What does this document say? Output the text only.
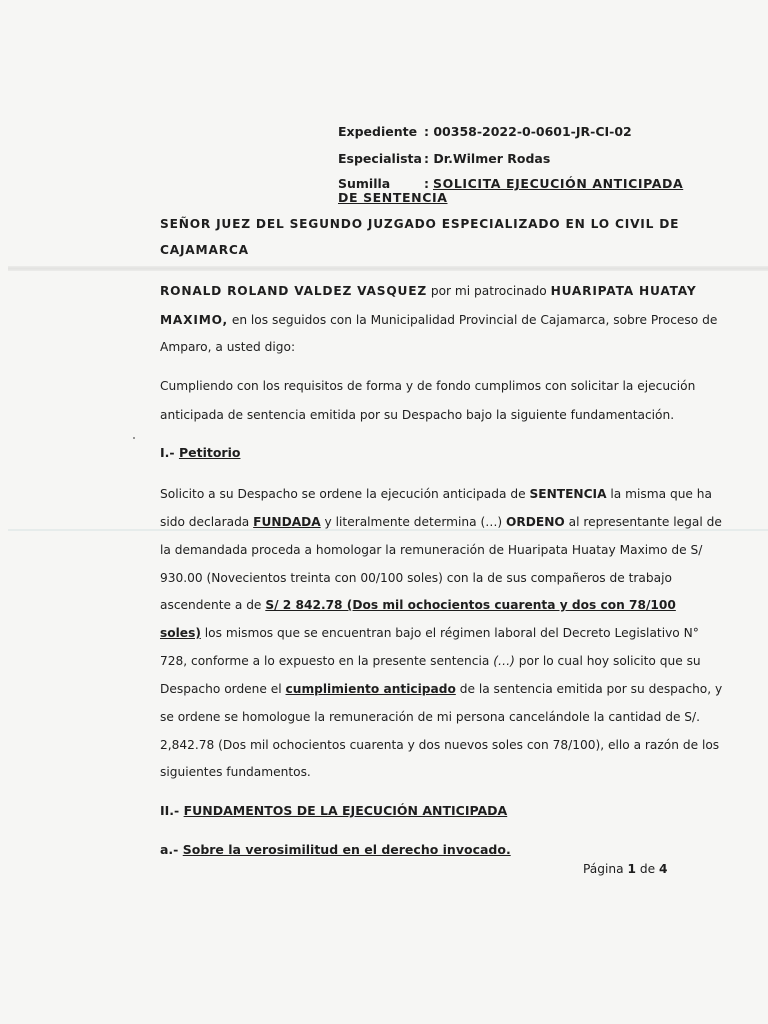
Expediente : 00358-2022-0-0601-JR-CI-02
Especialista : Dr.Wilmer Rodas
Sumilla	: SOLICITA EJECUCIÓN ANTICIPADA
DE SENTENCIA
SEÑOR JUEZ DEL SEGUNDO JUZGADO ESPECIALIZADO EN LO CIVIL DE
CAJAMARCA
RONALD ROLAND VALDEZ VASQUEZ por mi patrocinado HUARIPATA HUATAY
MAXIMO, en los seguidos con la Municipalidad Provincial de Cajamarca, sobre Proceso de
Amparo, a usted digo:
Cumpliendo con los requisitos de forma y de fondo cumplimos con solicitar la ejecución
anticipada de sentencia emitida por su Despacho bajo la siguiente fundamentación.
I.- Petitorio
Solicito a su Despacho se ordene la ejecución anticipada de SENTENCIA la misma que ha
sido declarada FUNDADA y literalmente determina (…) ORDENO al representante legal de
la demandada proceda a homologar la remuneración de Huaripata Huatay Maximo de S/
930.00 (Novecientos treinta con 00/100 soles) con la de sus compañeros de trabajo
ascendente a de S/ 2 842.78 (Dos mil ochocientos cuarenta y dos con 78/100
soles) los mismos que se encuentran bajo el régimen laboral del Decreto Legislativo N°
728, conforme a lo expuesto en la presente sentencia (…) por lo cual hoy solicito que su
Despacho ordene el cumplimiento anticipado de la sentencia emitida por su despacho, y
se ordene se homologue la remuneración de mi persona cancelándole la cantidad de S/.
2,842.78 (Dos mil ochocientos cuarenta y dos nuevos soles con 78/100), ello a razón de los
siguientes fundamentos.
II.- FUNDAMENTOS DE LA EJECUCIÓN ANTICIPADA
a.- Sobre la verosimilitud en el derecho invocado.
Página 1 de 4
